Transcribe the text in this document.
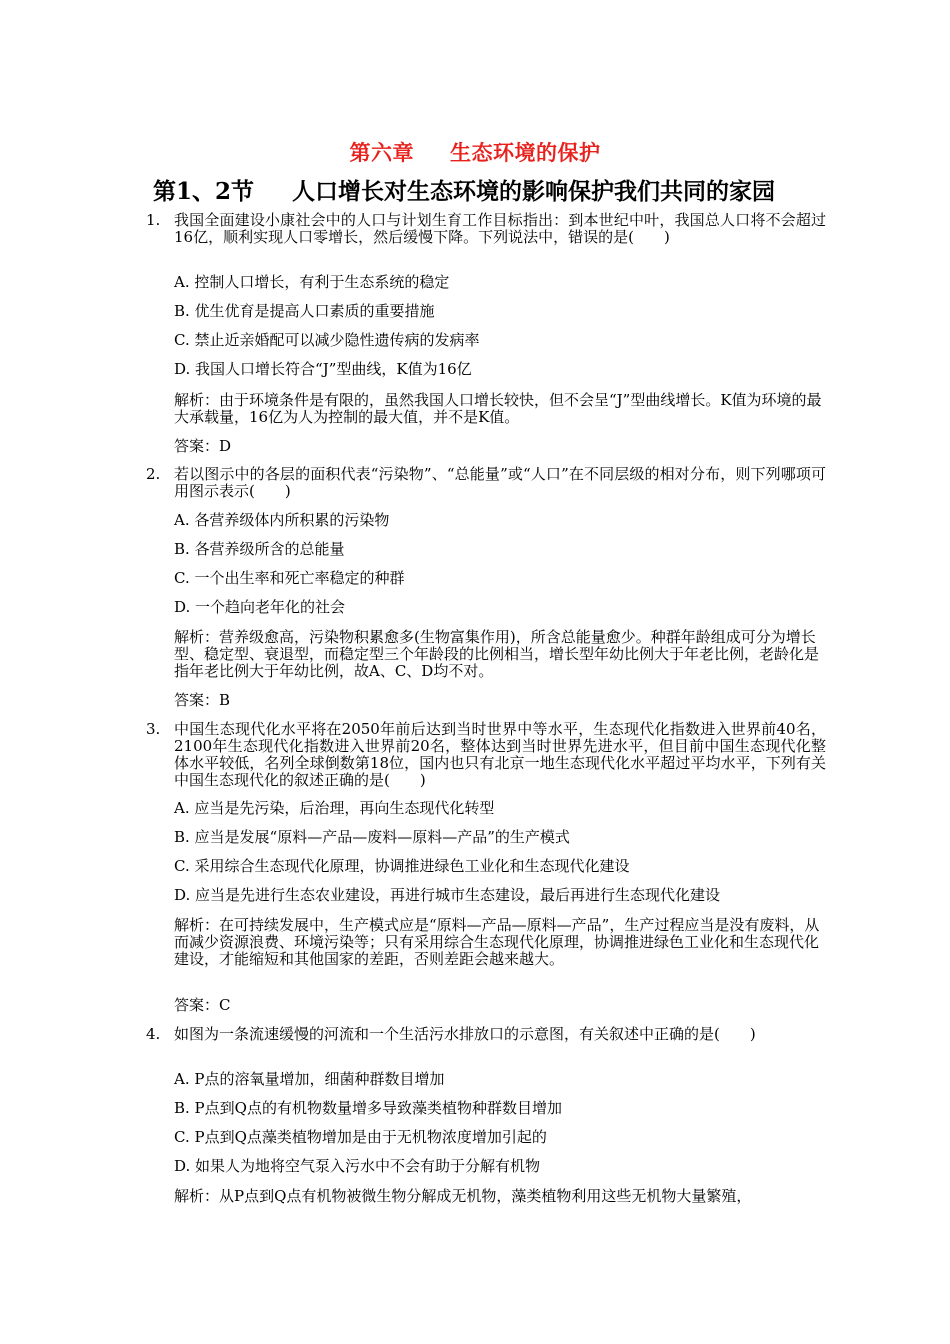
第六章 生态环境的保护
第1、2节 人口增长对生态环境的影响保护我们共同的家园
1. 我国全面建设小康社会中的人口与计划生育工作目标指出：到本世纪中叶，我国总人口将不会超过16亿，顺利实现人口零增长，然后缓慢下降。下列说法中，错误的是(　　)
A. 控制人口增长，有利于生态系统的稳定
B. 优生优育是提高人口素质的重要措施
C. 禁止近亲婚配可以减少隐性遗传病的发病率
D. 我国人口增长符合“J”型曲线，K值为16亿
解析：由于环境条件是有限的，虽然我国人口增长较快，但不会呈“J”型曲线增长。K值为环境的最大承载量，16亿为人为控制的最大值，并不是K值。
答案：D
2. 若以图示中的各层的面积代表“污染物”、“总能量”或“人口”在不同层级的相对分布，则下列哪项可用图示表示(　　)
A. 各营养级体内所积累的污染物
B. 各营养级所含的总能量
C. 一个出生率和死亡率稳定的种群
D. 一个趋向老年化的社会
解析：营养级愈高，污染物积累愈多(生物富集作用)，所含总能量愈少。种群年龄组成可分为增长型、稳定型、衰退型，而稳定型三个年龄段的比例相当，增长型年幼比例大于年老比例，老龄化是指年老比例大于年幼比例，故A、C、D均不对。
答案：B
3. 中国生态现代化水平将在2050年前后达到当时世界中等水平，生态现代化指数进入世界前40名，2100年生态现代化指数进入世界前20名，整体达到当时世界先进水平，但目前中国生态现代化整体水平较低，名列全球倒数第18位，国内也只有北京一地生态现代化水平超过平均水平，下列有关中国生态现代化的叙述正确的是(　　)
A. 应当是先污染，后治理，再向生态现代化转型
B. 应当是发展“原料—产品—废料—原料—产品”的生产模式
C. 采用综合生态现代化原理，协调推进绿色工业化和生态现代化建设
D. 应当是先进行生态农业建设，再进行城市生态建设，最后再进行生态现代化建设
解析：在可持续发展中，生产模式应是“原料—产品—原料—产品”，生产过程应当是没有废料，从而减少资源浪费、环境污染等；只有采用综合生态现代化原理，协调推进绿色工业化和生态现代化建设，才能缩短和其他国家的差距，否则差距会越来越大。
答案：C
4. 如图为一条流速缓慢的河流和一个生活污水排放口的示意图，有关叙述中正确的是(　　)
A. P点的溶氧量增加，细菌种群数目增加
B. P点到Q点的有机物数量增多导致藻类植物种群数目增加
C. P点到Q点藻类植物增加是由于无机物浓度增加引起的
D. 如果人为地将空气泵入污水中不会有助于分解有机物
解析：从P点到Q点有机物被微生物分解成无机物，藻类植物利用这些无机物大量繁殖，
